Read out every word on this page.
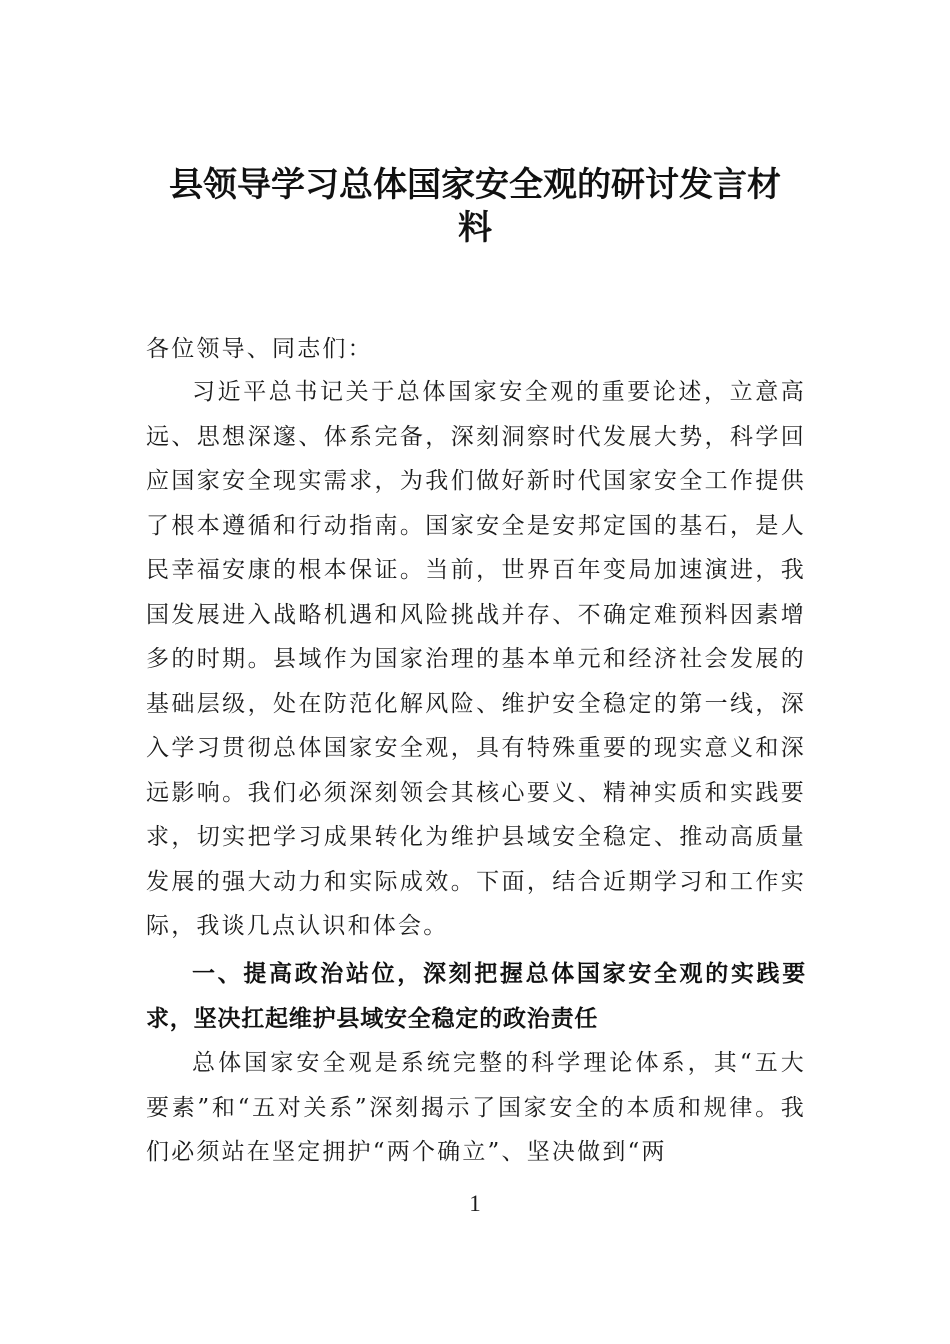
县领导学习总体国家安全观的研讨发言材
料

各位领导、同志们：

习近平总书记关于总体国家安全观的重要论述，立意高远、思想深邃、体系完备，深刻洞察时代发展大势，科学回应国家安全现实需求，为我们做好新时代国家安全工作提供了根本遵循和行动指南。国家安全是安邦定国的基石，是人民幸福安康的根本保证。当前，世界百年变局加速演进，我国发展进入战略机遇和风险挑战并存、不确定难预料因素增多的时期。县域作为国家治理的基本单元和经济社会发展的基础层级，处在防范化解风险、维护安全稳定的第一线，深入学习贯彻总体国家安全观，具有特殊重要的现实意义和深远影响。我们必须深刻领会其核心要义、精神实质和实践要求，切实把学习成果转化为维护县域安全稳定、推动高质量发展的强大动力和实际成效。下面，结合近期学习和工作实际，我谈几点认识和体会。

一、提高政治站位，深刻把握总体国家安全观的实践要求，坚决扛起维护县域安全稳定的政治责任

总体国家安全观是系统完整的科学理论体系，其“五大要素”和“五对关系”深刻揭示了国家安全的本质和规律。我们必须站在坚定拥护“两个确立”、坚决做到“两

1
